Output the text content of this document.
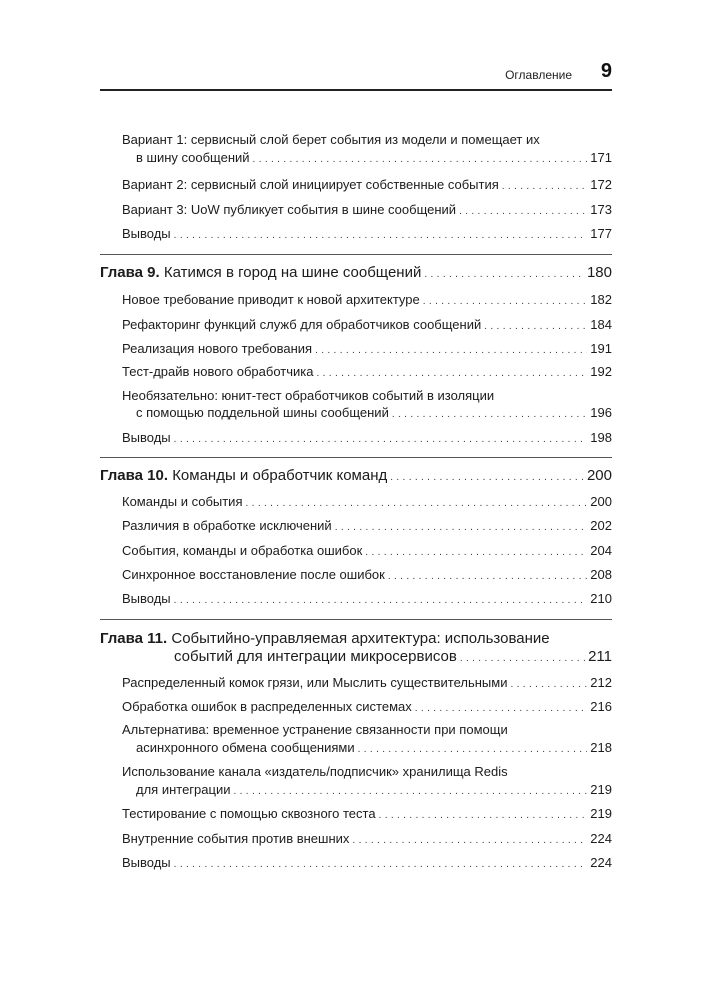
Оглавление 9
Вариант 1: сервисный слой берет события из модели и помещает их
в шину сообщений . . .	171
Вариант 2: сервисный слой инициирует собственные события . . .	172
Вариант 3: UoW публикует события в шине сообщений . . .	173
Выводы . . .	177
Глава 9. Катимся в город на шине сообщений . . .	180
Новое требование приводит к новой архитектуре . . .	182
Рефакторинг функций служб для обработчиков сообщений . . .	184
Реализация нового требования . . .	191
Тест-драйв нового обработчика . . .	192
Необязательно: юнит-тест обработчиков событий в изоляции
с помощью поддельной шины сообщений . . .	196
Выводы . . .	198
Глава 10. Команды и обработчик команд . . .	200
Команды и события . . .	200
Различия в обработке исключений . . .	202
События, команды и обработка ошибок . . .	204
Синхронное восстановление после ошибок . . .	208
Выводы . . .	210
Глава 11. Событийно-управляемая архитектура: использование
событий для интеграции микросервисов . . .	211
Распределенный комок грязи, или Мыслить существительными . . .	212
Обработка ошибок в распределенных системах . . .	216
Альтернатива: временное устранение связанности при помощи
асинхронного обмена сообщениями . . .	218
Использование канала «издатель/подписчик» хранилища Redis
для интеграции . . .	219
Тестирование с помощью сквозного теста . . .	219
Внутренние события против внешних . . .	224
Выводы . . .	224
